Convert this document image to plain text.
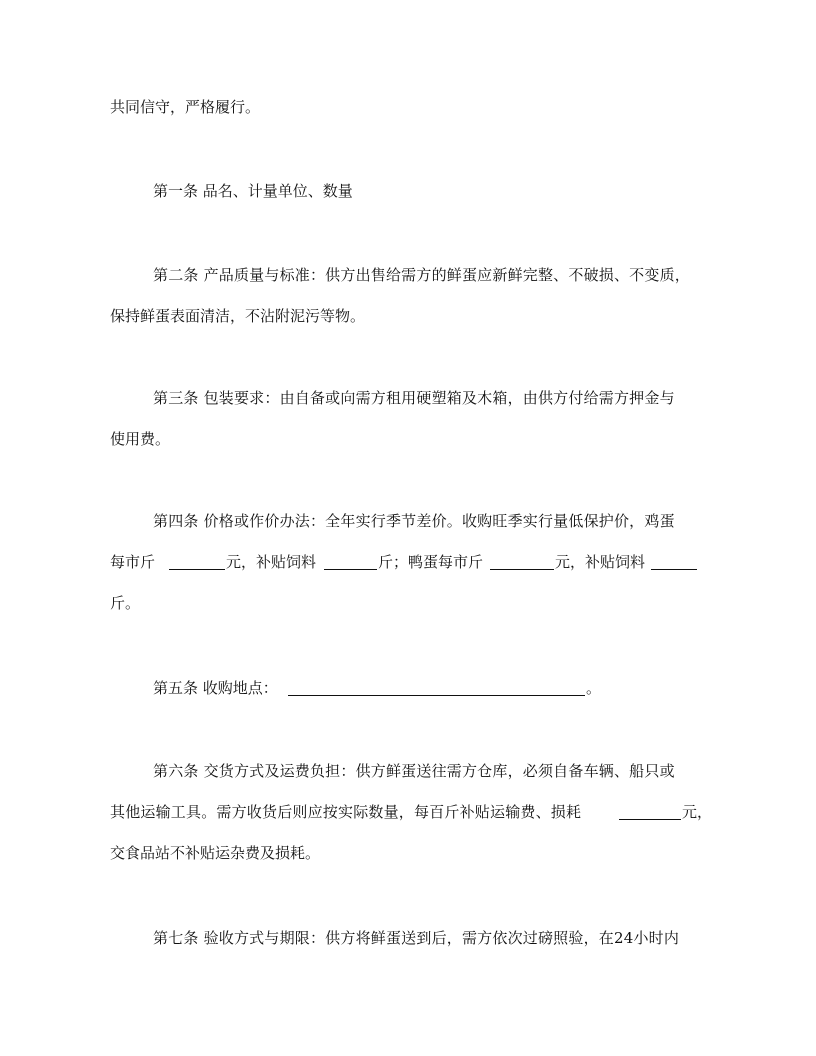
共同信守，严格履行。
第一条 品名、计量单位、数量
第二条 产品质量与标准：供方出售给需方的鲜蛋应新鲜完整、不破损、不变质，
保持鲜蛋表面清洁，不沾附泥污等物。
第三条 包装要求：由自备或向需方租用硬塑箱及木箱，由供方付给需方押金与
使用费。
第四条 价格或作价办法：全年实行季节差价。收购旺季实行量低保护价，鸡蛋
每市斤	元，补贴饲料	斤；鸭蛋每市斤	元，补贴饲料
斤。
第五条 收购地点：	。
第六条 交货方式及运费负担：供方鲜蛋送往需方仓库，必须自备车辆、船只或
其他运输工具。需方收货后则应按实际数量，每百斤补贴运输费、损耗	元，
交食品站不补贴运杂费及损耗。
第七条 验收方式与期限：供方将鲜蛋送到后，需方依次过磅照验，在24小时内
